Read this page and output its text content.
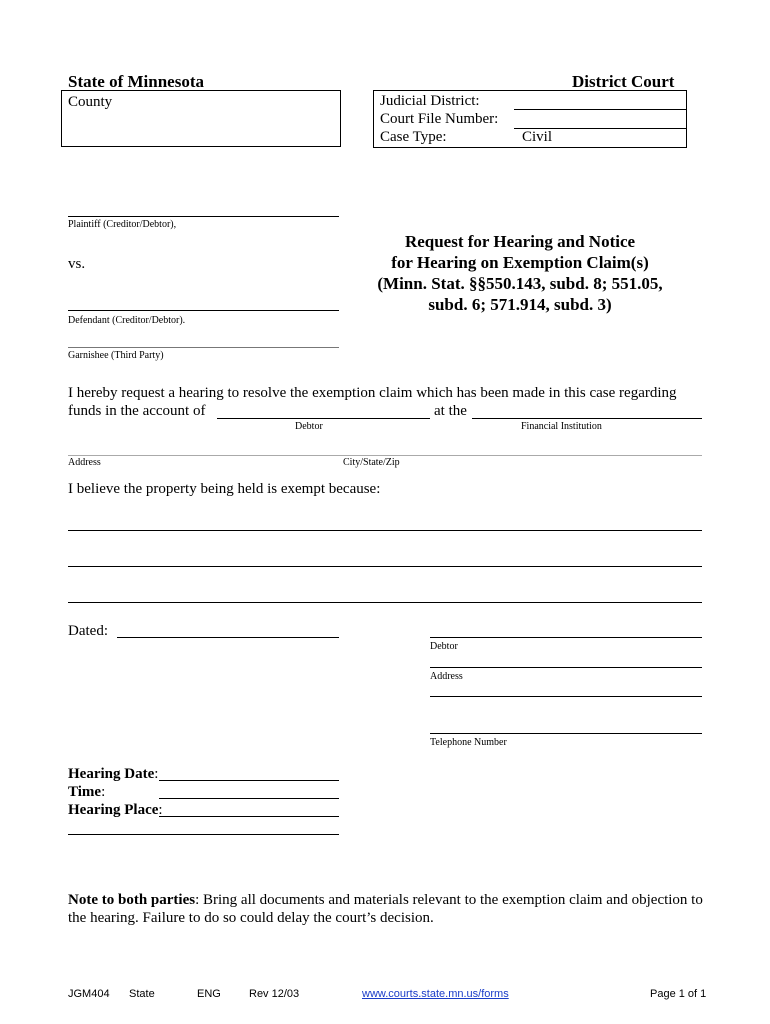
State of Minnesota	District Court
County	Judicial District:
Court File Number:
Case Type:	Civil
Plaintiff (Creditor/Debtor),
vs.
Defendant (Creditor/Debtor).
Garnishee (Third Party)
Request for Hearing and Notice
for Hearing on Exemption Claim(s)
(Minn. Stat. §§550.143, subd. 8; 551.05,
subd. 6; 571.914, subd. 3)
I hereby request a hearing to resolve the exemption claim which has been made in this case regarding
funds in the account of	at the
Debtor	Financial Institution
Address	City/State/Zip
I believe the property being held is exempt because:
Dated:
Debtor
Address
Telephone Number
Hearing Date:
Time:
Hearing Place:
Note to both parties: Bring all documents and materials relevant to the exemption claim and objection to
the hearing. Failure to do so could delay the court’s decision.
JGM404 State	ENG	Rev 12/03	www.courts.state.mn.us/forms	Page 1 of 1
